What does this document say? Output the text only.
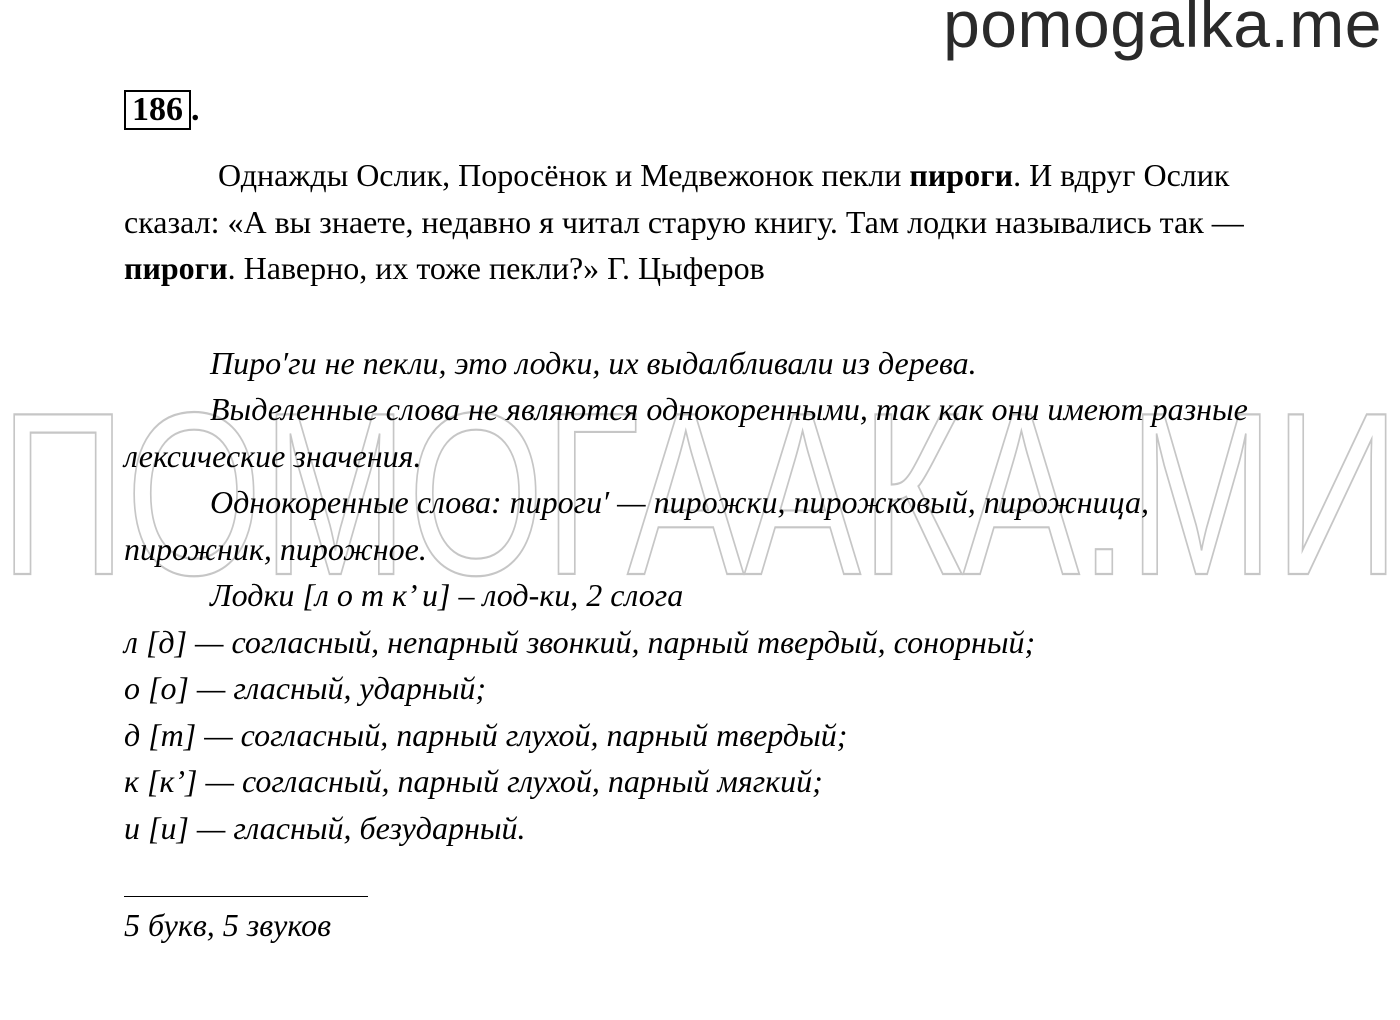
pomogalka.me
ПОМОГААКА.МИ
186 .

Однажды Ослик, Поросёнок и Медвежонок пекли пироги. И вдруг Ослик сказал: «А вы знаете, недавно я читал старую книгу. Там лодки назывались так — пироги. Наверно, их тоже пекли?» Г. Цыферов

Пиро′ги не пекли, это лодки, их выдалбливали из дерева.

Выделенные слова не являются однокоренными, так как они имеют разные лексические значения.

Однокоренные слова: пироги′ — пирожки, пирожковый, пирожница, пирожник, пирожное.

Лодки [л о т к’ и] – лод-ки, 2 слога

л [д] — согласный, непарный звонкий, парный твердый, сонорный;

о [о] — гласный, ударный;

д [т] — согласный, парный глухой, парный твердый;

к [к’] — согласный, парный глухой, парный мягкий;

и [и] — гласный, безударный.

5 букв, 5 звуков
